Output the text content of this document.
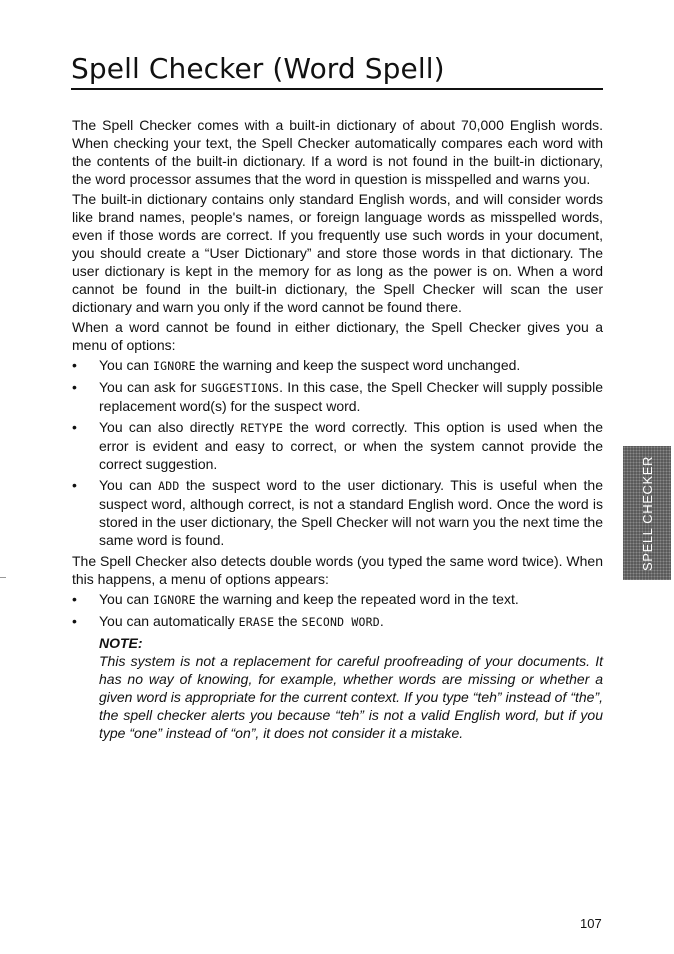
Spell Checker (Word Spell)

The Spell Checker comes with a built-in dictionary of about 70,000 English words. When checking your text, the Spell Checker automatically compares each word with the contents of the built-in dictionary. If a word is not found in the built-in dictionary, the word processor assumes that the word in question is misspelled and warns you.

The built-in dictionary contains only standard English words, and will consider words like brand names, people's names, or foreign language words as misspelled words, even if those words are correct. If you frequently use such words in your document, you should create a “User Dictionary” and store those words in that dictionary. The user dictionary is kept in the memory for as long as the power is on. When a word cannot be found in the built-in dictionary, the Spell Checker will scan the user dictionary and warn you only if the word cannot be found there.

When a word cannot be found in either dictionary, the Spell Checker gives you a menu of options:

•	You can IGNORE the warning and keep the suspect word unchanged.
•	You can ask for SUGGESTIONS. In this case, the Spell Checker will supply possible replacement word(s) for the suspect word.
•	You can also directly RETYPE the word correctly. This option is used when the error is evident and easy to correct, or when the system cannot provide the correct suggestion.
•	You can ADD the suspect word to the user dictionary. This is useful when the suspect word, although correct, is not a standard English word. Once the word is stored in the user dictionary, the Spell Checker will not warn you the next time the same word is found.

The Spell Checker also detects double words (you typed the same word twice). When this happens, a menu of options appears:

•	You can IGNORE the warning and keep the repeated word in the text.
•	You can automatically ERASE the SECOND WORD.
NOTE:
This system is not a replacement for careful proofreading of your documents. It has no way of knowing, for example, whether words are missing or whether a given word is appropriate for the current context. If you type “teh” instead of “the”, the spell checker alerts you because “teh” is not a valid English word, but if you type “one” instead of “on”, it does not consider it a mistake.
SPELL CHECKER
107
